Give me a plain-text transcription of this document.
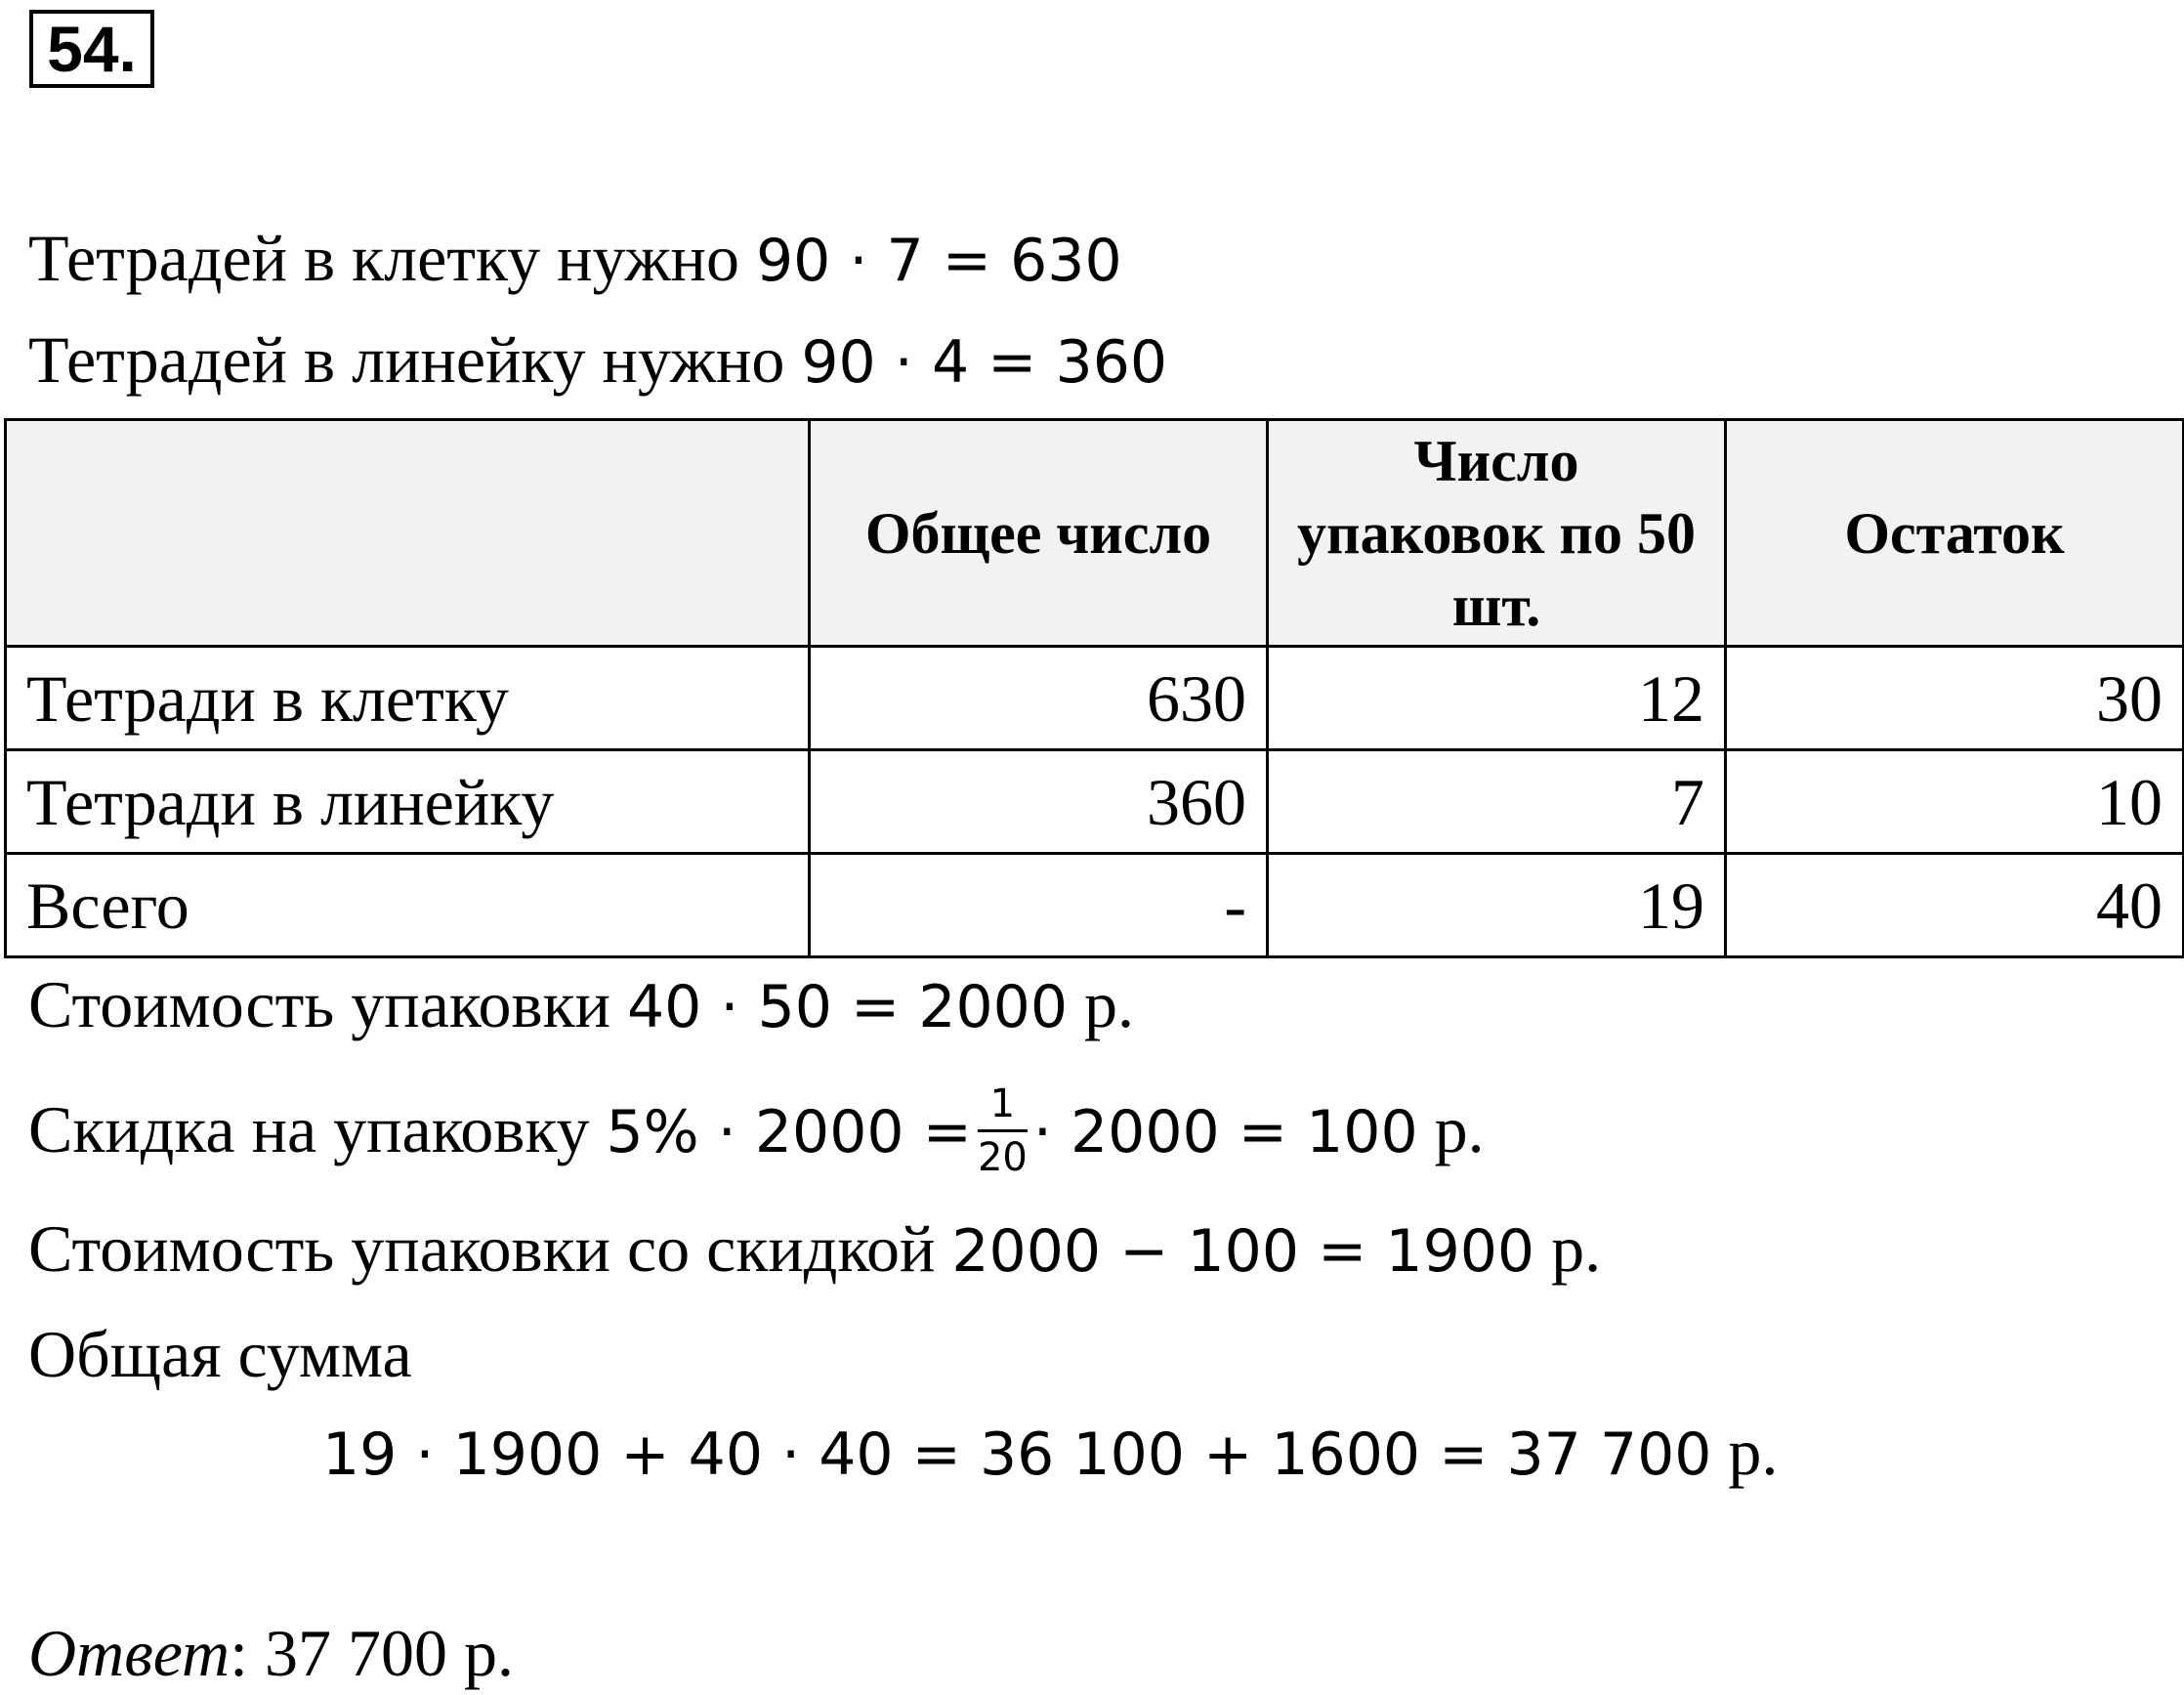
54.
Тетрадей в клетку нужно 90 · 7 = 630
Тетрадей в линейку нужно 90 · 4 = 360
	Общее число	Число упаковок по 50 шт.	Остаток
Тетради в клетку	630	12	30
Тетради в линейку	360	7	10
Всего	-	19	40
Стоимость упаковки 40 · 50 = 2000 р.
Скидка на упаковку $5\% \cdot 2000 = \frac{1}{20} \cdot 2000 = 100$ р.
Стоимость упаковки со скидкой 2000 − 100 = 1900 р.
Общая сумма
19 · 1900 + 40 · 40 = 36 100 + 1600 = 37 700 р.
Ответ: 37 700 р.
